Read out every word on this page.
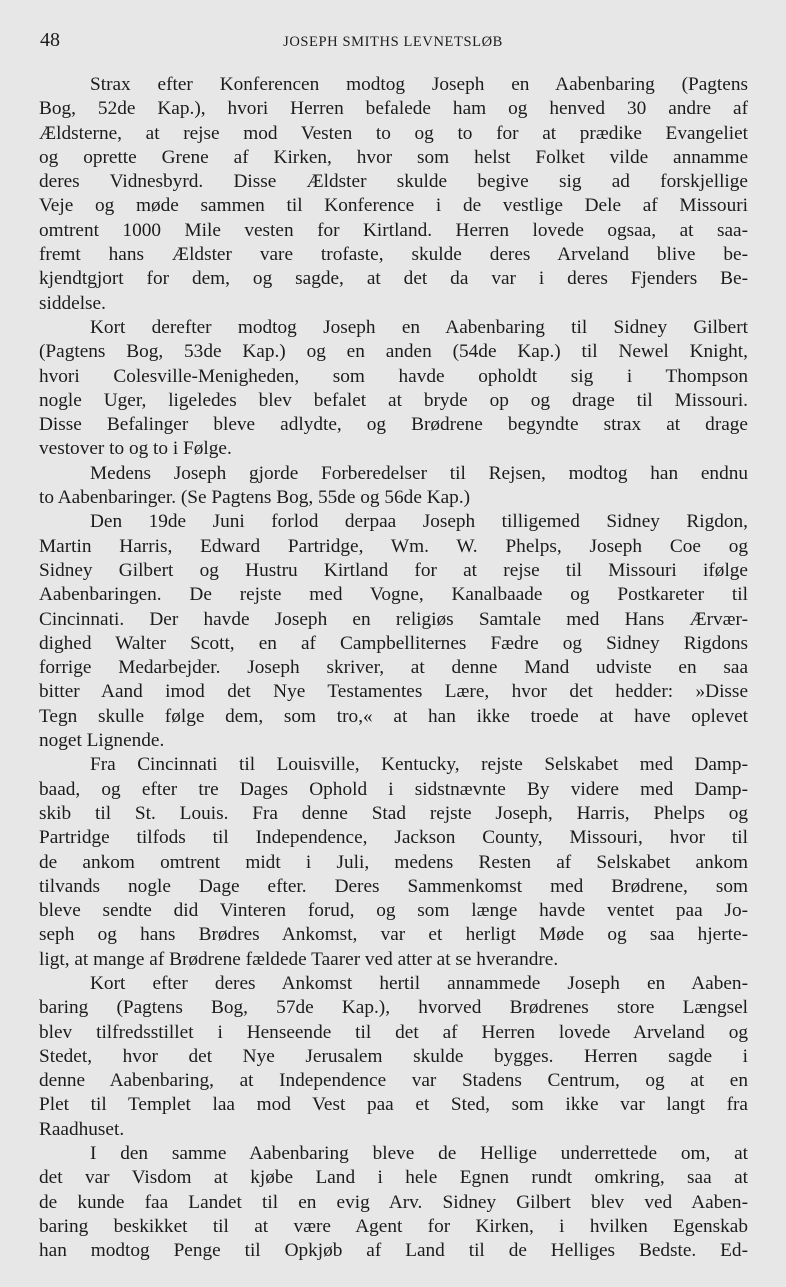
48	JOSEPH SMITHS LEVNETSLØB
Strax efter Konferencen modtog Joseph en Aabenbaring (Pagtens
Bog, 52de Kap.), hvori Herren befalede ham og henved 30 andre af
Ældsterne, at rejse mod Vesten to og to for at prædike Evangeliet
og oprette Grene af Kirken, hvor som helst Folket vilde annamme
deres Vidnesbyrd. Disse Ældster skulde begive sig ad forskjellige
Veje og møde sammen til Konference i de vestlige Dele af Missouri
omtrent 1000 Mile vesten for Kirtland. Herren lovede ogsaa, at saa-
fremt hans Ældster vare trofaste, skulde deres Arveland blive be-
kjendtgjort for dem, og sagde, at det da var i deres Fjenders Be-
siddelse.
Kort derefter modtog Joseph en Aabenbaring til Sidney Gilbert
(Pagtens Bog, 53de Kap.) og en anden (54de Kap.) til Newel Knight,
hvori Colesville-Menigheden, som havde opholdt sig i Thompson
nogle Uger, ligeledes blev befalet at bryde op og drage til Missouri.
Disse Befalinger bleve adlydte, og Brødrene begyndte strax at drage
vestover to og to i Følge.
Medens Joseph gjorde Forberedelser til Rejsen, modtog han endnu
to Aabenbaringer. (Se Pagtens Bog, 55de og 56de Kap.)
Den 19de Juni forlod derpaa Joseph tilligemed Sidney Rigdon,
Martin Harris, Edward Partridge, Wm. W. Phelps, Joseph Coe og
Sidney Gilbert og Hustru Kirtland for at rejse til Missouri ifølge
Aabenbaringen. De rejste med Vogne, Kanalbaade og Postkareter til
Cincinnati. Der havde Joseph en religiøs Samtale med Hans Ærvær-
dighed Walter Scott, en af Campbelliternes Fædre og Sidney Rigdons
forrige Medarbejder. Joseph skriver, at denne Mand udviste en saa
bitter Aand imod det Nye Testamentes Lære, hvor det hedder: »Disse
Tegn skulle følge dem, som tro,« at han ikke troede at have oplevet
noget Lignende.
Fra Cincinnati til Louisville, Kentucky, rejste Selskabet med Damp-
baad, og efter tre Dages Ophold i sidstnævnte By videre med Damp-
skib til St. Louis. Fra denne Stad rejste Joseph, Harris, Phelps og
Partridge tilfods til Independence, Jackson County, Missouri, hvor til
de ankom omtrent midt i Juli, medens Resten af Selskabet ankom
tilvands nogle Dage efter. Deres Sammenkomst med Brødrene, som
bleve sendte did Vinteren forud, og som længe havde ventet paa Jo-
seph og hans Brødres Ankomst, var et herligt Møde og saa hjerte-
ligt, at mange af Brødrene fældede Taarer ved atter at se hverandre.
Kort efter deres Ankomst hertil annammede Joseph en Aaben-
baring (Pagtens Bog, 57de Kap.), hvorved Brødrenes store Længsel
blev tilfredsstillet i Henseende til det af Herren lovede Arveland og
Stedet, hvor det Nye Jerusalem skulde bygges. Herren sagde i
denne Aabenbaring, at Independence var Stadens Centrum, og at en
Plet til Templet laa mod Vest paa et Sted, som ikke var langt fra
Raadhuset.
I den samme Aabenbaring bleve de Hellige underrettede om, at
det var Visdom at kjøbe Land i hele Egnen rundt omkring, saa at
de kunde faa Landet til en evig Arv. Sidney Gilbert blev ved Aaben-
baring beskikket til at være Agent for Kirken, i hvilken Egenskab
han modtog Penge til Opkjøb af Land til de Helliges Bedste. Ed-
